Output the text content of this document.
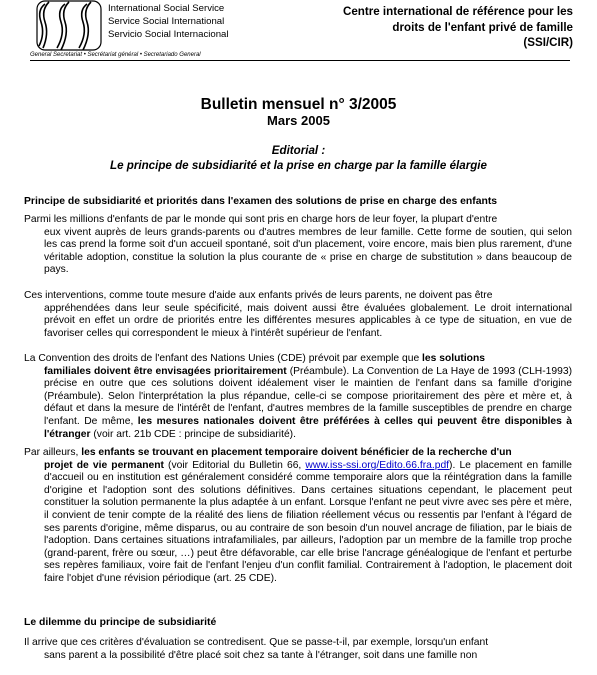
International Social Service
Service Social International
Servicio Social Internacional
General Secretariat • Secrétariat général • Secretariado General
Centre international de référence pour les
droits de l'enfant privé de famille
(SSI/CIR)
Bulletin mensuel n° 3/2005
Mars 2005
Editorial :
Le principe de subsidiarité et la prise en charge par la famille élargie
Principe de subsidiarité et priorités dans l'examen des solutions de prise en charge des enfants

Parmi les millions d'enfants de par le monde qui sont pris en charge hors de leur foyer, la plupart d'entre

eux vivent auprès de leurs grands-parents ou d'autres membres de leur famille. Cette forme de soutien, qui selon les cas prend la forme soit d'un accueil spontané, soit d'un placement, voire encore, mais bien plus rarement, d'une véritable adoption, constitue la solution la plus courante de « prise en charge de substitution » dans beaucoup de pays.

Ces interventions, comme toute mesure d'aide aux enfants privés de leurs parents, ne doivent pas être

appréhendées dans leur seule spécificité, mais doivent aussi être évaluées globalement. Le droit international prévoit en effet un ordre de priorités entre les différentes mesures applicables à ce type de situation, en vue de favoriser celles qui correspondent le mieux à l'intérêt supérieur de l'enfant.

La Convention des droits de l'enfant des Nations Unies (CDE) prévoit par exemple que les solutions

familiales doivent être envisagées prioritairement (Préambule). La Convention de La Haye de 1993 (CLH-1993) précise en outre que ces solutions doivent idéalement viser le maintien de l'enfant dans sa famille d'origine (Préambule). Selon l'interprétation la plus répandue, celle-ci se compose prioritairement des père et mère et, à défaut et dans la mesure de l'intérêt de l'enfant, d'autres membres de la famille susceptibles de prendre en charge l'enfant. De même, les mesures nationales doivent être préférées à celles qui peuvent être disponibles à l'étranger (voir art. 21b CDE : principe de subsidiarité).

Par ailleurs, les enfants se trouvant en placement temporaire doivent bénéficier de la recherche d'un

projet de vie permanent (voir Editorial du Bulletin 66, www.iss-ssi.org/Edito.66.fra.pdf). Le placement en famille d'accueil ou en institution est généralement considéré comme temporaire alors que la réintégration dans la famille d'origine et l'adoption sont des solutions définitives. Dans certaines situations cependant, le placement peut constituer la solution permanente la plus adaptée à un enfant. Lorsque l'enfant ne peut vivre avec ses père et mère, il convient de tenir compte de la réalité des liens de filiation réellement vécus ou ressentis par l'enfant à l'égard de ses parents d'origine, même disparus, ou au contraire de son besoin d'un nouvel ancrage de filiation, par le biais de l'adoption. Dans certaines situations intrafamiliales, par ailleurs, l'adoption par un membre de la famille trop proche (grand-parent, frère ou sœur, …) peut être défavorable, car elle brise l'ancrage généalogique de l'enfant et perturbe ses repères familiaux, voire fait de l'enfant l'enjeu d'un conflit familial. Contrairement à l'adoption, le placement doit faire l'objet d'une révision périodique (art. 25 CDE).

Le dilemme du principe de subsidiarité

Il arrive que ces critères d'évaluation se contredisent. Que se passe-t-il, par exemple, lorsqu'un enfant

sans parent a la possibilité d'être placé soit chez sa tante à l'étranger, soit dans une famille non
